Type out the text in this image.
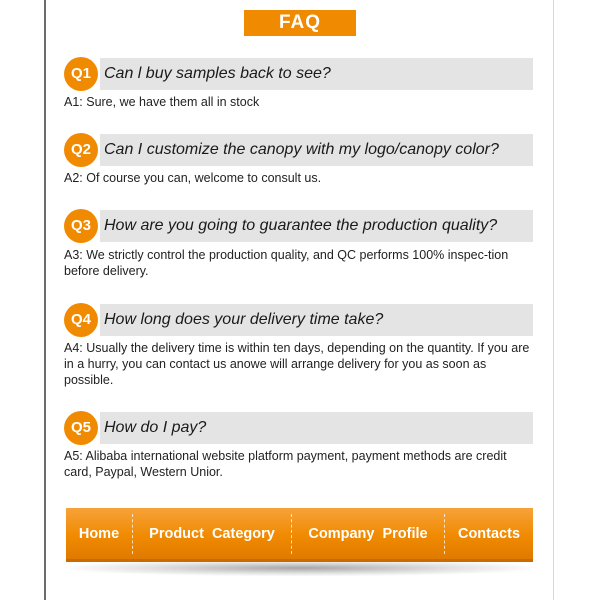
FAQ
Q1 Can l buy samples back to see?
A1: Sure, we have them all in stock
Q2 Can I customize the canopy with my logo/canopy color?
A2: Of course you can, welcome to consult us.
Q3 How are you going to guarantee the production quality?
A3: We strictly control the production quality, and QC performs 100% inspec-tion before delivery.
Q4 How long does your delivery time take?
A4: Usually the delivery time is within ten days, depending on the quantity. If you are in a hurry, you can contact us anowe will arrange delivery for you as soon as possible.
Q5 How do I pay?
A5: Alibaba international website platform payment, payment methods are credit card, Paypal, Western Unior.
Home	Product Category	Company Profile	Contacts
